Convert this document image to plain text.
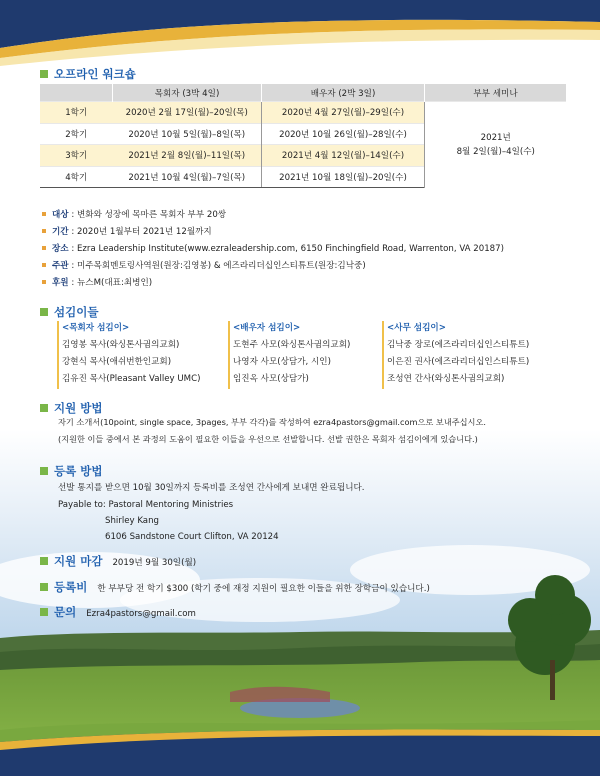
오프라인 워크숍
	목회자 (3박 4일)	배우자 (2박 3일)	부부 세미나
1학기	2020년 2월 17일(월)–20일(목)	2020년 4월 27일(월)–29일(수)	2021년
8월 2일(월)–4일(수)

2학기	2020년 10월 5일(월)–8일(목)	2020년 10월 26일(월)–28일(수)	
3학기	2021년 2월 8일(월)–11일(목)	2021년 4월 12일(월)–14일(수)	
4학기	2021년 10월 4일(월)–7일(목)	2021년 10월 18일(월)–20일(수)	
대상 : 변화와 성장에 목마른 목회자 부부 20쌍
기간 : 2020년 1월부터 2021년 12월까지
장소 : Ezra Leadership Institute(www.ezraleadership.com, 6150 Finchingfield Road, Warrenton, VA 20187)
주관 : 미주목회멘토링사역원(원장:김영봉) & 에즈라리더십인스티튜트(원장:김낙중)
후원 : 뉴스M(대표:최병인)
섬김이들
<목회자 섬김이>
김영봉 목사(와싱톤사귐의교회)
강현식 목사(애쉬번한인교회)
김유진 목사(Pleasant Valley UMC)
<배우자 섬김이>
도현주 사모(와싱톤사귐의교회)
나영자 사모(상담가, 시인)
임진옥 사모(상담가)
<사무 섬김이>
김낙중 장로(에즈라리더십인스티튜트)
이은진 권사(에즈라리더십인스티튜트)
조성연 간사(와싱톤사귐의교회)
지원 방법
자기 소개서(10point, single space, 3pages, 부부 각각)를 작성하여 ezra4pastors@gmail.com으로 보내주십시오.
(지원한 이들 중에서 본 과정의 도움이 필요한 이들을 우선으로 선발합니다. 선발 권한은 목회자 섬김이에게 있습니다.)
등록 방법
선발 통지를 받으면 10월 30일까지 등록비를 조성연 간사에게 보내면 완료됩니다.
Payable to: Pastoral Mentoring Ministries
Shirley Kang
6106 Sandstone Court Clifton, VA 20124
지원 마감 2019년 9월 30일(월)
등록비 한 부부당 전 학기 $300 (학기 중에 재정 지원이 필요한 이들을 위한 장학금이 있습니다.)
문의 Ezra4pastors@gmail.com
